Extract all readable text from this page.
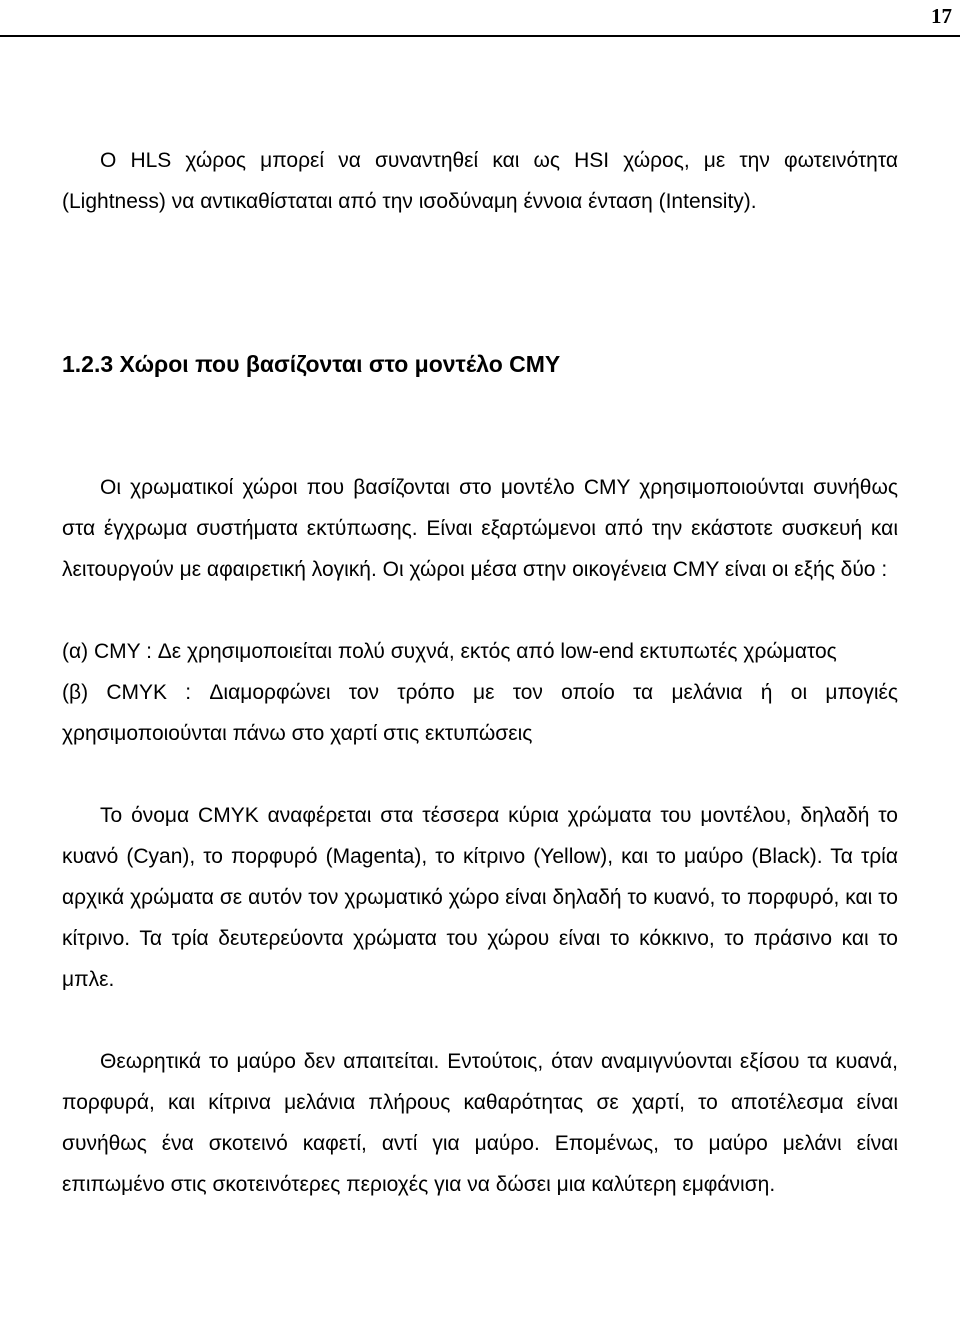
17

Ο HLS χώρος μπορεί να συναντηθεί και ως HSI χώρος, με την φωτεινότητα (Lightness) να αντικαθίσταται από την ισοδύναμη έννοια ένταση (Intensity).

1.2.3 Χώροι που βασίζονται στο μοντέλο CMY

Οι χρωματικοί χώροι που βασίζονται στο μοντέλο CMY χρησιμοποιούνται συνήθως στα έγχρωμα συστήματα εκτύπωσης. Είναι εξαρτώμενοι από την εκάστοτε συσκευή και λειτουργούν με αφαιρετική λογική. Οι χώροι μέσα στην οικογένεια CMY είναι οι εξής δύο :

(α) CMY : Δε χρησιμοποιείται πολύ συχνά, εκτός από low-end εκτυπωτές χρώματος

(β) CMYK : Διαμορφώνει τον τρόπο με τον οποίο τα μελάνια ή οι μπογιές χρησιμοποιούνται πάνω στο χαρτί στις εκτυπώσεις

Το όνομα CMYK αναφέρεται στα τέσσερα κύρια χρώματα του μοντέλου, δηλαδή το κυανό (Cyan), το πορφυρό (Magenta), το κίτρινο (Yellow), και το μαύρο (Black). Τα τρία αρχικά χρώματα σε αυτόν τον χρωματικό χώρο είναι δηλαδή το κυανό, το πορφυρό, και το κίτρινο. Τα τρία δευτερεύοντα χρώματα του χώρου είναι το κόκκινο, το πράσινο και το μπλε.

Θεωρητικά το μαύρο δεν απαιτείται. Εντούτοις, όταν αναμιγνύονται εξίσου τα κυανά, πορφυρά, και κίτρινα μελάνια πλήρους καθαρότητας σε χαρτί, το αποτέλεσμα είναι συνήθως ένα σκοτεινό καφετί, αντί για μαύρο. Επομένως, το μαύρο μελάνι είναι επιπωμένο στις σκοτεινότερες περιοχές για να δώσει μια καλύτερη εμφάνιση.
